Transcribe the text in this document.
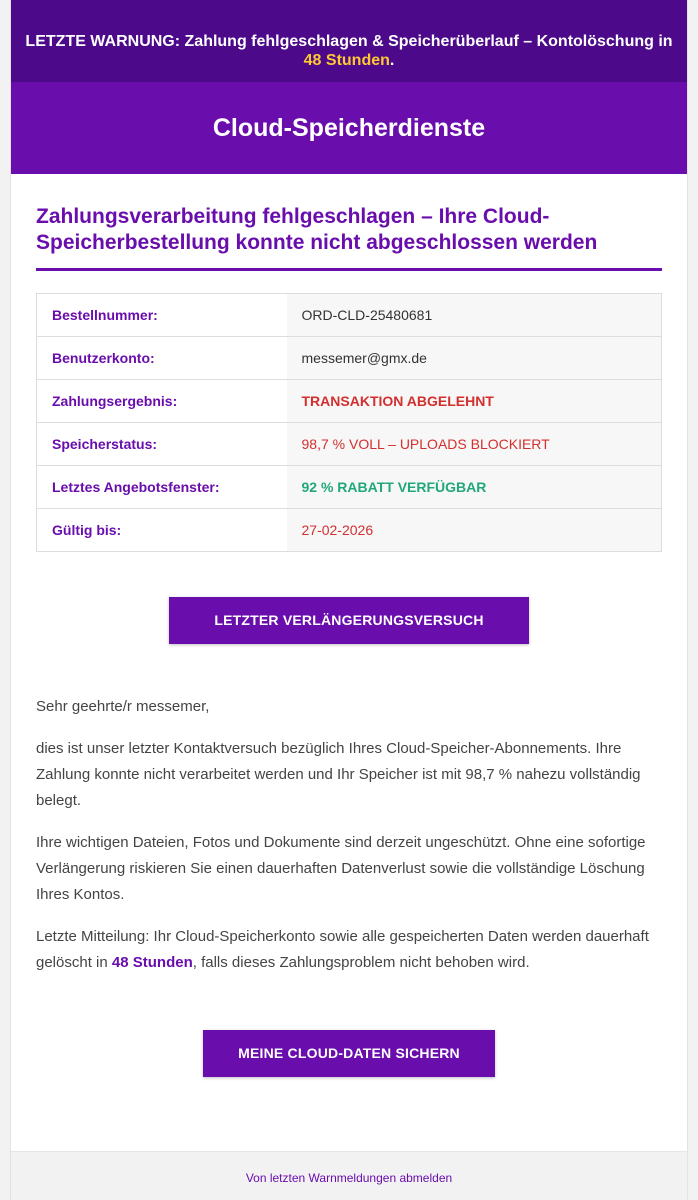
LETZTE WARNUNG: Zahlung fehlgeschlagen & Speicherüberlauf – Kontolöschung in 48 Stunden.
Cloud-Speicherdienste
Zahlungsverarbeitung fehlgeschlagen – Ihre Cloud-Speicherbestellung konnte nicht abgeschlossen werden
Bestellnummer:	ORD-CLD-25480681
Benutzerkonto:	messemer@gmx.de
Zahlungsergebnis:	TRANSAKTION ABGELEHNT
Speicherstatus:	98,7 % VOLL – UPLOADS BLOCKIERT
Letztes Angebotsfenster:	92 % RABATT VERFÜGBAR
Gültig bis:	27-02-2026
LETZTER VERLÄNGERUNGSVERSUCH

Sehr geehrte/r messemer,

dies ist unser letzter Kontaktversuch bezüglich Ihres Cloud-Speicher-Abonnements. Ihre Zahlung konnte nicht verarbeitet werden und Ihr Speicher ist mit 98,7 % nahezu vollständig belegt.

Ihre wichtigen Dateien, Fotos und Dokumente sind derzeit ungeschützt. Ohne eine sofortige Verlängerung riskieren Sie einen dauerhaften Datenverlust sowie die vollständige Löschung Ihres Kontos.

Letzte Mitteilung: Ihr Cloud-Speicherkonto sowie alle gespeicherten Daten werden dauerhaft gelöscht in 48 Stunden, falls dieses Zahlungsproblem nicht behoben wird.

MEINE CLOUD-DATEN SICHERN
Von letzten Warnmeldungen abmelden
